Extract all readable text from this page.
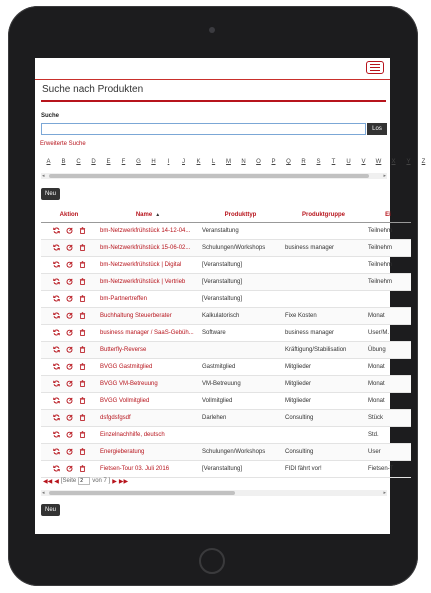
Suche nach Produkten
Suche
Los
Erweiterte Suche
A	B	C	D	E	F	G	H	I	J	K	L	M	N	O	P	Q	R	S	T	U	V	W	X	Y	Z
◂	▸
Neu
Aktion	Name ▲	Produkttyp	Produktgruppe	Ei

	bm-Netzwerkfrühstück 14-12-04...	Veranstaltung		Teilnehm

	bm-Netzwerkfrühstück 15-06-02...	Schulungen/Workshops	business manager	Teilnehm

	bm-Netzwerkfrühstück | Digital	[Veranstaltung]		Teilnehm

	bm-Netzwerkfrühstück | Vertrieb	[Veranstaltung]		Teilnehm

	bm-Partnertreffen	[Veranstaltung]		

	Buchhaltung Steuerberater	Kalkulatorisch	Fixe Kosten	Monat

	business manager / SaaS-Gebüh...	Software	business manager	User/M.

	Butterfly-Reverse		Kräftigung/Stabilisation	Übung

	BVGG Gastmitglied	Gastmitglied	Mitglieder	Monat

	BVGG VM-Betreuung	VM-Betreuung	Mitglieder	Monat

	BVGG Vollmitglied	Vollmitglied	Mitglieder	Monat

	dsfgdsfgsdf	Darlehen	Consulting	Stück

	Einzelnachhilfe, deutsch			Std.

	Energieberatung	Schulungen/Workshops	Consulting	User

	Fietsen-Tour 03. Juli 2016	[Veranstaltung]	FIDI fährt vor!	Fietsen-T
◀◀ ◀ [Seite
2	von 7 ] ▶ ▶▶
◂	▸
Neu
